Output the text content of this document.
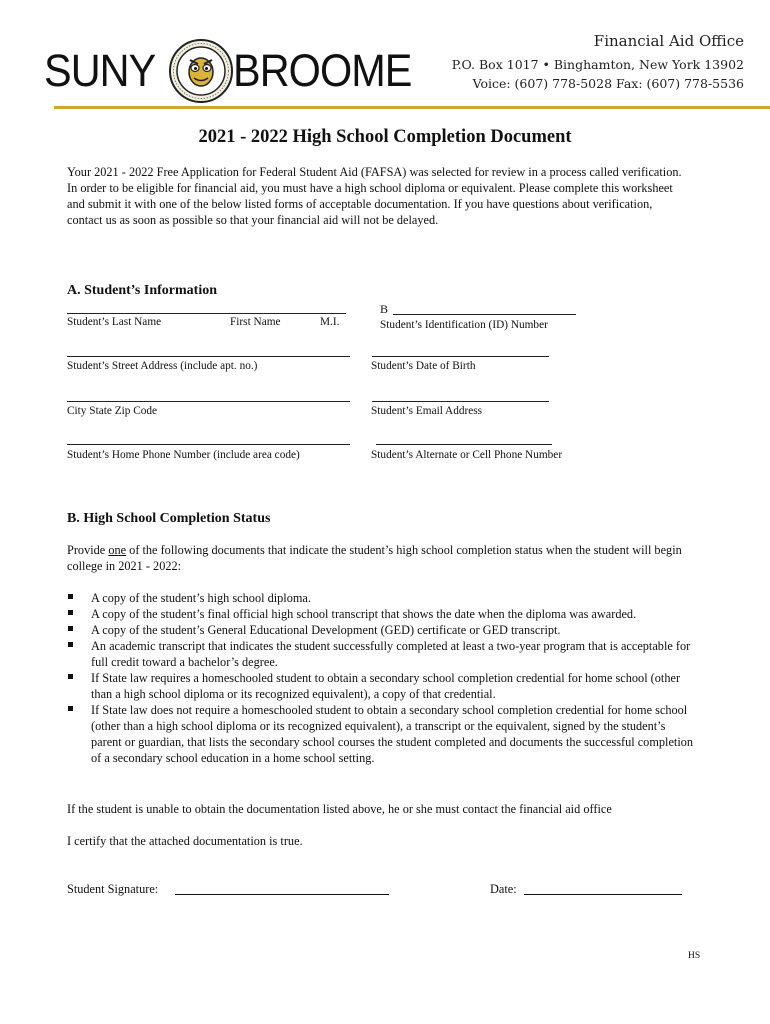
SUNY BROOME
Financial Aid Office
P.O. Box 1017 • Binghamton, New York 13902
Voice: (607) 778-5028 Fax: (607) 778-5536
2021 - 2022 High School Completion Document
Your 2021 - 2022 Free Application for Federal Student Aid (FAFSA) was selected for review in a process called verification. In order to be eligible for financial aid, you must have a high school diploma or equivalent. Please complete this worksheet and submit it with one of the below listed forms of acceptable documentation. If you have questions about verification, contact us as soon as possible so that your financial aid will not be delayed.
A. Student’s Information
Student’s Last Name	First Name	M.I.
B
Student’s Identification (ID) Number
Student’s Street Address (include apt. no.)	Student’s Date of Birth
City State Zip Code	Student’s Email Address
Student’s Home Phone Number (include area code)	Student’s Alternate or Cell Phone Number
B. High School Completion Status
Provide one of the following documents that indicate the student’s high school completion status when the student will begin college in 2021 - 2022:
A copy of the student’s high school diploma.
A copy of the student’s final official high school transcript that shows the date when the diploma was awarded.
A copy of the student’s General Educational Development (GED) certificate or GED transcript.
An academic transcript that indicates the student successfully completed at least a two-year program that is acceptable for full credit toward a bachelor’s degree.
If State law requires a homeschooled student to obtain a secondary school completion credential for home school (other than a high school diploma or its recognized equivalent), a copy of that credential.
If State law does not require a homeschooled student to obtain a secondary school completion credential for home school (other than a high school diploma or its recognized equivalent), a transcript or the equivalent, signed by the student’s parent or guardian, that lists the secondary school courses the student completed and documents the successful completion of a secondary school education in a home school setting.
If the student is unable to obtain the documentation listed above, he or she must contact the financial aid office
I certify that the attached documentation is true.
Student Signature:	Date:
HS
